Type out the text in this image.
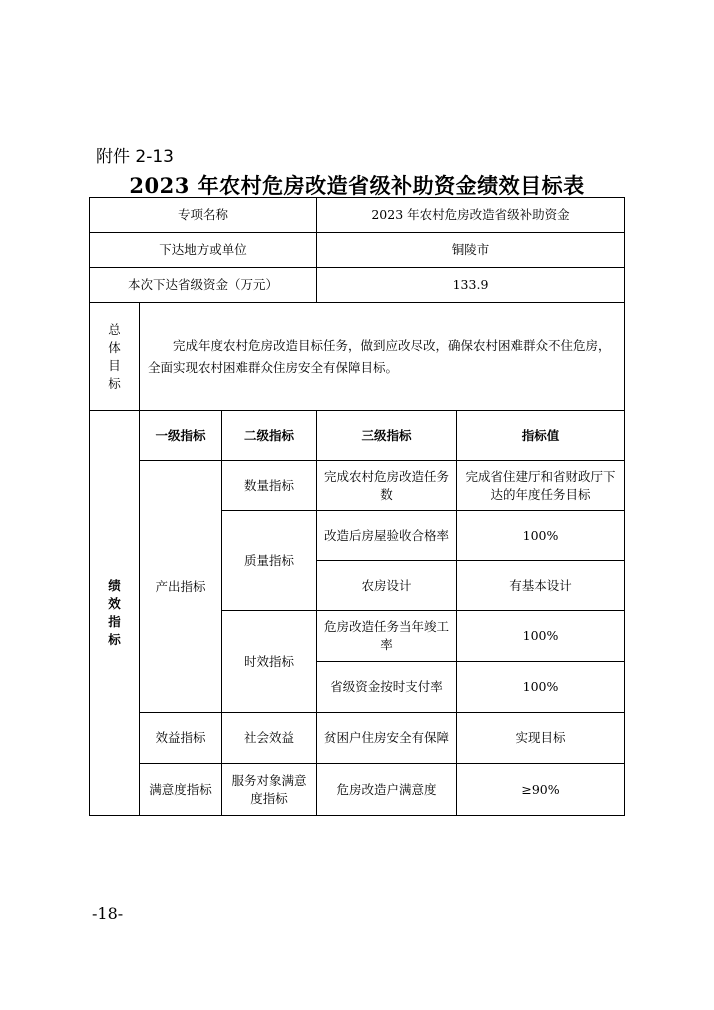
附件 2-13
2023 年农村危房改造省级补助资金绩效目标表
专项名称			2023 年农村危房改造省级补助资金	
下达地方或单位			铜陵市	
本次下达省级资金（万元）			133.9	

总
体
目
标	完成年度农村危房改造目标任务，做到应改尽改，确保农村困难群众不住危房，全面实现农村困难群众住房安全有保障目标。			

绩
效
指
标	一级指标	二级指标	三级指标	指标值
	产出指标	数量指标	完成农村危房改造任务数	完成省住建厅和省财政厅下达的年度任务目标
		质量指标	改造后房屋验收合格率	100%
			农房设计	有基本设计
		时效指标	危房改造任务当年竣工率	100%
			省级资金按时支付率	100%
	效益指标	社会效益	贫困户住房安全有保障	实现目标
	满意度指标	服务对象满意度指标	危房改造户满意度	≥90%
-18-
